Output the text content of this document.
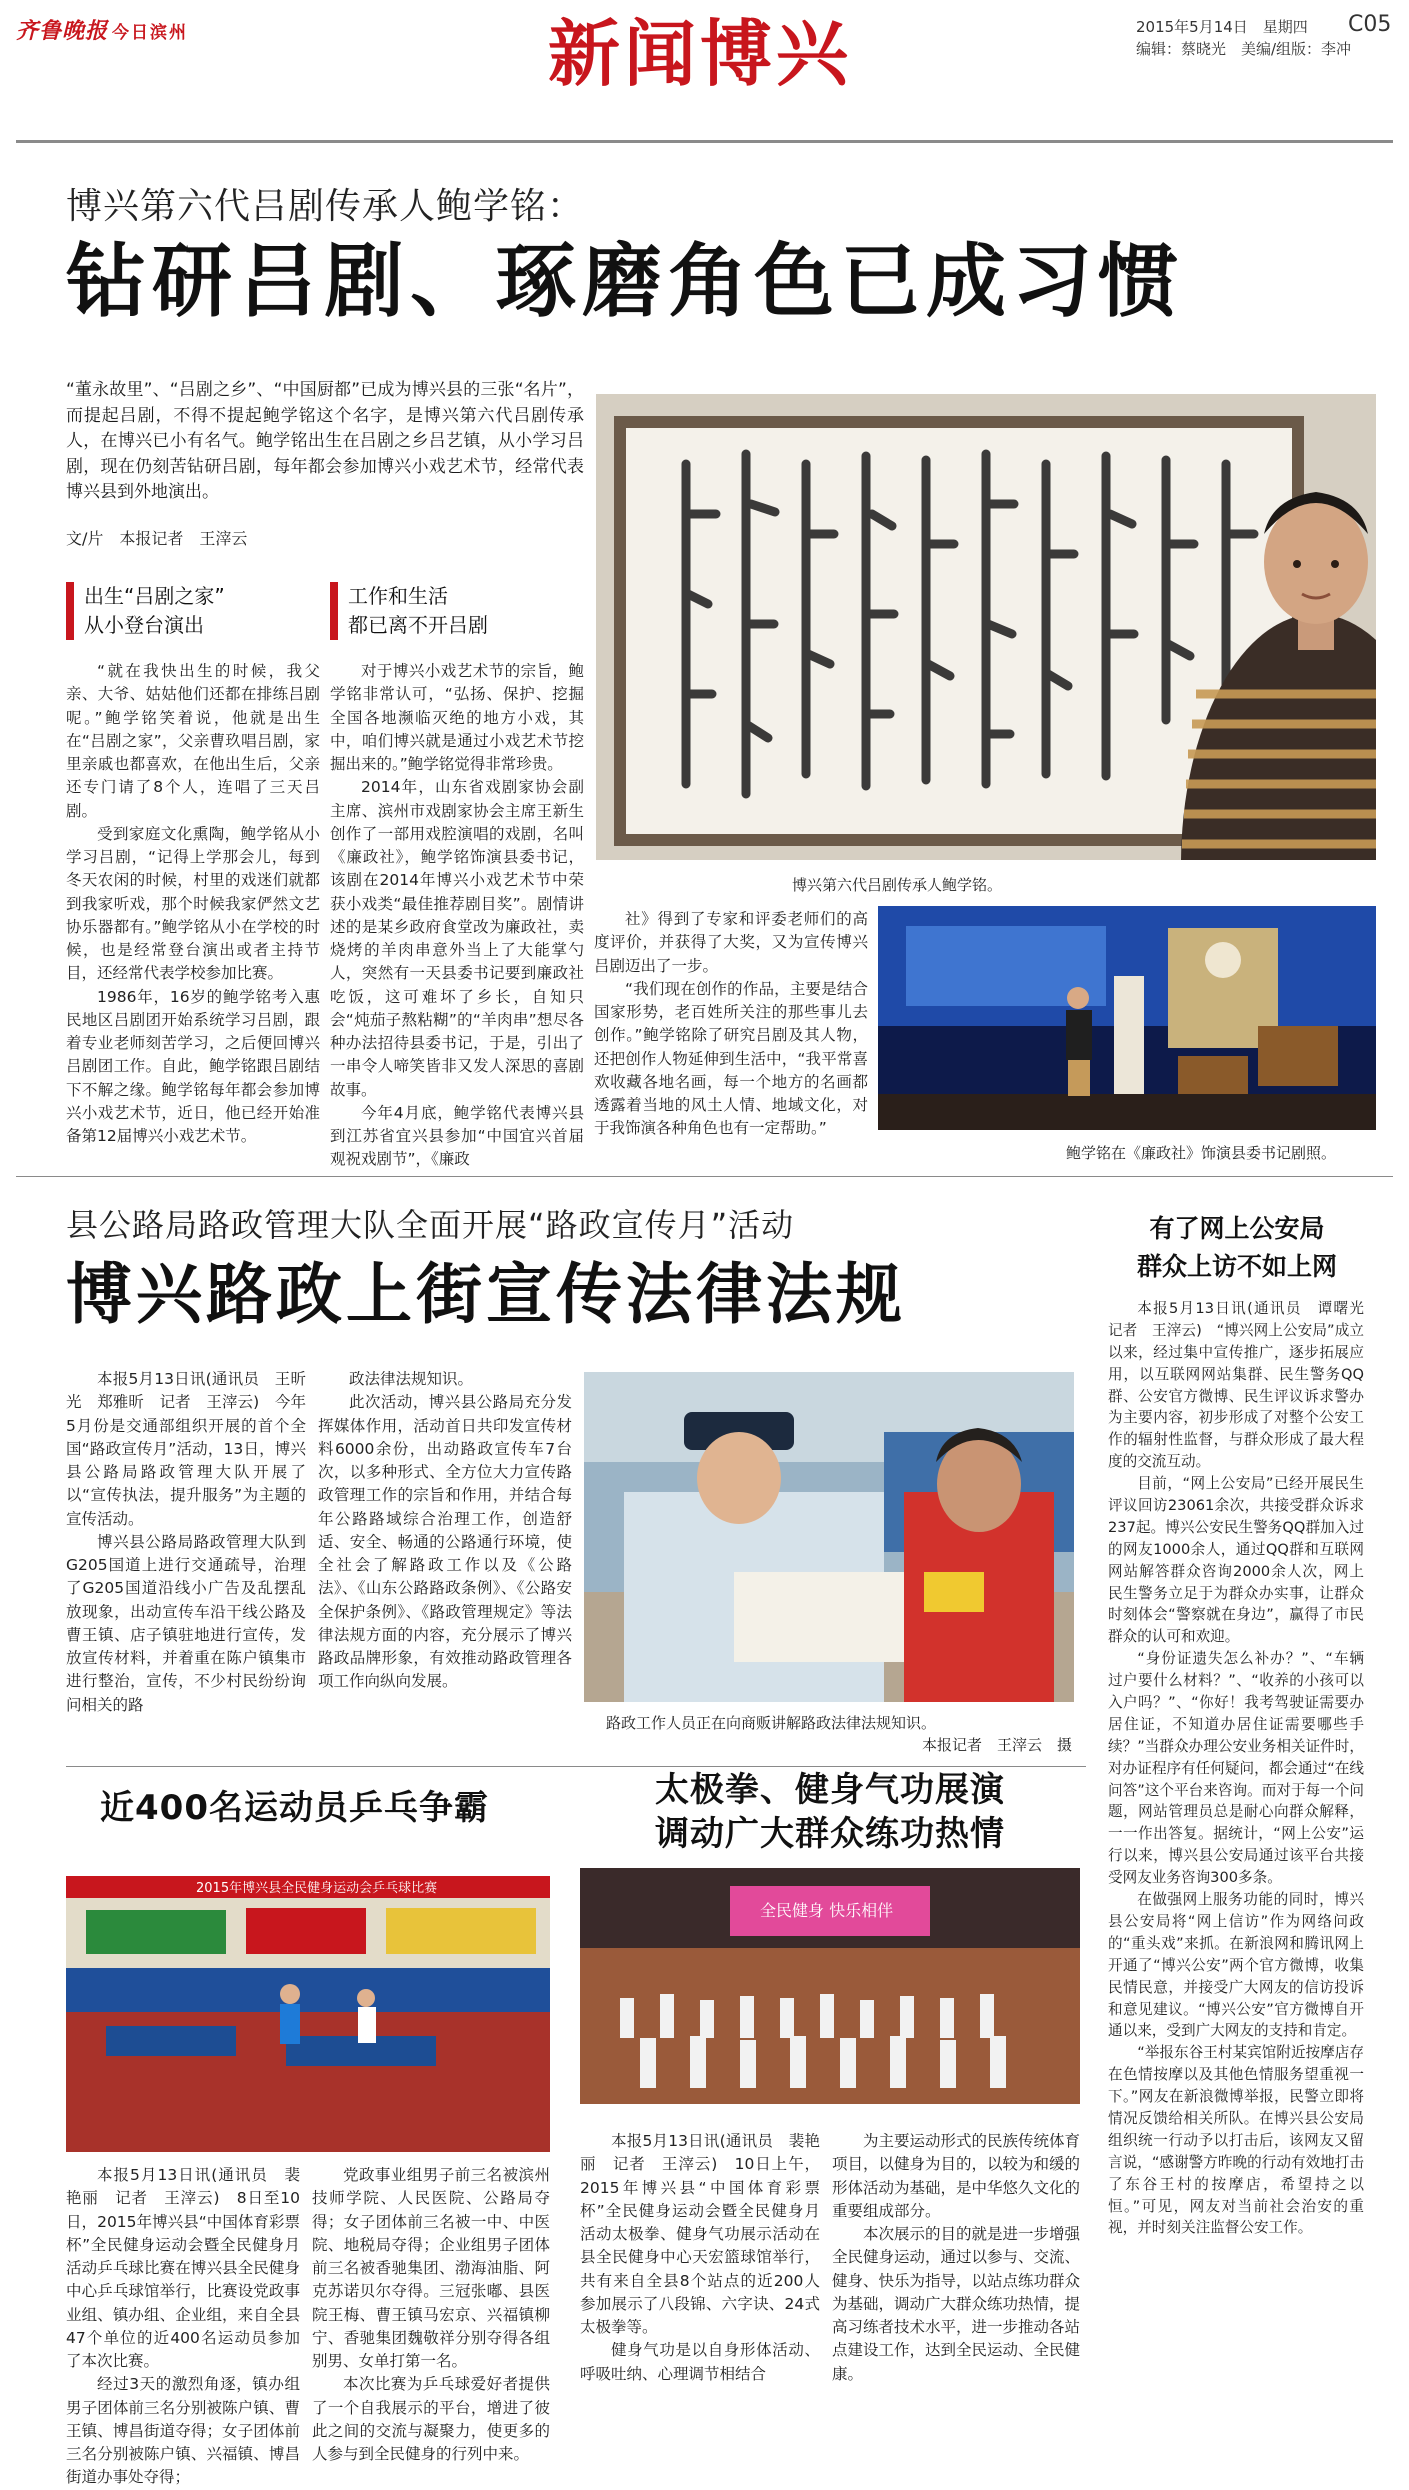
齐鲁晚报 今日滨州	新闻博兴	2015年5月14日　星期四 C05
编辑：蔡晓光　美编/组版：李冲
博兴第六代吕剧传承人鲍学铭：
钻研吕剧、琢磨角色已成习惯
“董永故里”、“吕剧之乡”、“中国厨都”已成为博兴县的三张“名片”，而提起吕剧，不得不提起鲍学铭这个名字，是博兴第六代吕剧传承人，在博兴已小有名气。鲍学铭出生在吕剧之乡吕艺镇，从小学习吕剧，现在仍刻苦钻研吕剧，每年都会参加博兴小戏艺术节，经常代表博兴县到外地演出。
文/片　本报记者　王滓云
出生“吕剧之家”
从小登台演出
工作和生活
都已离不开吕剧

“就在我快出生的时候，我父亲、大爷、姑姑他们还都在排练吕剧呢。”鲍学铭笑着说，他就是出生在“吕剧之家”，父亲曹玖唱吕剧，家里亲戚也都喜欢，在他出生后，父亲还专门请了8个人，连唱了三天吕剧。

受到家庭文化熏陶，鲍学铭从小学习吕剧，“记得上学那会儿，每到冬天农闲的时候，村里的戏迷们就都到我家听戏，那个时候我家俨然文艺协乐器都有。”鲍学铭从小在学校的时候，也是经常登台演出或者主持节目，还经常代表学校参加比赛。

1986年，16岁的鲍学铭考入惠民地区吕剧团开始系统学习吕剧，跟着专业老师刻苦学习，之后便回博兴吕剧团工作。自此，鲍学铭跟吕剧结下不解之缘。鲍学铭每年都会参加博兴小戏艺术节，近日，他已经开始准备第12届博兴小戏艺术节。

对于博兴小戏艺术节的宗旨，鲍学铭非常认可，“弘扬、保护、挖掘全国各地濒临灭绝的地方小戏，其中，咱们博兴就是通过小戏艺术节挖掘出来的。”鲍学铭觉得非常珍贵。

2014年，山东省戏剧家协会副主席、滨州市戏剧家协会主席王新生创作了一部用戏腔演唱的戏剧，名叫《廉政社》，鲍学铭饰演县委书记，该剧在2014年博兴小戏艺术节中荣获小戏类“最佳推荐剧目奖”。剧情讲述的是某乡政府食堂改为廉政社，卖烧烤的羊肉串意外当上了大能掌勺人，突然有一天县委书记要到廉政社吃饭，这可难坏了乡长，自知只会“炖茄子熬粘糊”的“羊肉串”想尽各种办法招待县委书记，于是，引出了一串令人啼笑皆非又发人深思的喜剧故事。

今年4月底，鲍学铭代表博兴县到江苏省宜兴县参加“中国宜兴首届观祝戏剧节”，《廉政

社》得到了专家和评委老师们的高度评价，并获得了大奖，又为宣传博兴吕剧迈出了一步。

“我们现在创作的作品，主要是结合国家形势，老百姓所关注的那些事儿去创作。”鲍学铭除了研究吕剧及其人物，还把创作人物延伸到生活中，“我平常喜欢收藏各地名画，每一个地方的名画都透露着当地的风土人情、地域文化，对于我饰演各种角色也有一定帮助。”

博兴第六代吕剧传承人鲍学铭。
鲍学铭在《廉政社》饰演县委书记剧照。
县公路局路政管理大队全面开展“路政宣传月”活动
博兴路政上街宣传法律法规

本报5月13日讯(通讯员　王昕光　郑雅昕　记者　王滓云)　今年5月份是交通部组织开展的首个全国“路政宣传月”活动，13日，博兴县公路局路政管理大队开展了以“宣传执法，提升服务”为主题的宣传活动。

博兴县公路局路政管理大队到G205国道上进行交通疏导，治理了G205国道沿线小广告及乱摆乱放现象，出动宣传车沿干线公路及曹王镇、店子镇驻地进行宣传，发放宣传材料，并着重在陈户镇集市进行整治，宣传，不少村民纷纷询问相关的路

政法律法规知识。

此次活动，博兴县公路局充分发挥媒体作用，活动首日共印发宣传材料6000余份，出动路政宣传车7台次，以多种形式、全方位大力宣传路政管理工作的宗旨和作用，并结合每年公路路域综合治理工作，创造舒适、安全、畅通的公路通行环境，使全社会了解路政工作以及《公路法》、《山东公路路政条例》、《公路安全保护条例》、《路政管理规定》等法律法规方面的内容，充分展示了博兴路政品牌形象，有效推动路政管理各项工作向纵向发展。

路政工作人员正在向商贩讲解路政法律法规知识。
本报记者　王滓云　摄
有了网上公安局
群众上访不如上网

本报5月13日讯(通讯员　谭曙光　记者　王滓云)　“博兴网上公安局”成立以来，经过集中宣传推广，逐步拓展应用，以互联网网站集群、民生警务QQ群、公安官方微博、民生评议诉求警办为主要内容，初步形成了对整个公安工作的辐射性监督，与群众形成了最大程度的交流互动。

目前，“网上公安局”已经开展民生评议回访23061余次，共接受群众诉求237起。博兴公安民生警务QQ群加入过的网友1000余人，通过QQ群和互联网网站解答群众咨询2000余人次，网上民生警务立足于为群众办实事，让群众时刻体会“警察就在身边”，赢得了市民群众的认可和欢迎。

“身份证遗失怎么补办？”、“车辆过户要什么材料？”、“收养的小孩可以入户吗？”、“你好！我考驾驶证需要办居住证，不知道办居住证需要哪些手续？”当群众办理公安业务相关证件时，对办证程序有任何疑问，都会通过“在线问答”这个平台来咨询。而对于每一个问题，网站管理员总是耐心向群众解释，一一作出答复。据统计，“网上公安”运行以来，博兴县公安局通过该平台共接受网友业务咨询300多条。

在做强网上服务功能的同时，博兴县公安局将“网上信访”作为网络问政的“重头戏”来抓。在新浪网和腾讯网上开通了“博兴公安”两个官方微博，收集民情民意，并接受广大网友的信访投诉和意见建议。“博兴公安”官方微博自开通以来，受到广大网友的支持和肯定。

“举报东谷王村某宾馆附近按摩店存在色情按摩以及其他色情服务望重视一下。”网友在新浪微博举报，民警立即将情况反馈给相关所队。在博兴县公安局组织统一行动予以打击后，该网友又留言说，“感谢警方昨晚的行动有效地打击了东谷王村的按摩店，希望持之以恒。”可见，网友对当前社会治安的重视，并时刻关注监督公安工作。

近400名运动员乒乓争霸
2015年博兴县全民健身运动会乒乓球比赛

本报5月13日讯(通讯员　裴艳丽　记者　王滓云)　8日至10日，2015年博兴县“中国体育彩票杯”全民健身运动会暨全民健身月活动乒乓球比赛在博兴县全民健身中心乒乓球馆举行，比赛设党政事业组、镇办组、企业组，来自全县47个单位的近400名运动员参加了本次比赛。

经过3天的激烈角逐，镇办组男子团体前三名分别被陈户镇、曹王镇、博昌街道夺得；女子团体前三名分别被陈户镇、兴福镇、博昌街道办事处夺得；

党政事业组男子前三名被滨州技师学院、人民医院、公路局夺得；女子团体前三名被一中、中医院、地税局夺得；企业组男子团体前三名被香驰集团、渤海油脂、阿克苏诺贝尔夺得。三冠张嘟、县医院王梅、曹王镇马宏京、兴福镇柳宁、香驰集团魏敬祥分别夺得各组别男、女单打第一名。

本次比赛为乒乓球爱好者提供了一个自我展示的平台，增进了彼此之间的交流与凝聚力，使更多的人参与到全民健身的行列中来。

太极拳、健身气功展演
调动广大群众练功热情
全民健身 快乐相伴

本报5月13日讯(通讯员　裴艳丽　记者　王滓云)　10日上午，2015年博兴县“中国体育彩票杯”全民健身运动会暨全民健身月活动太极拳、健身气功展示活动在县全民健身中心天宏篮球馆举行，共有来自全县8个站点的近200人参加展示了八段锦、六字诀、24式太极拳等。

健身气功是以自身形体活动、呼吸吐纳、心理调节相结合

为主要运动形式的民族传统体育项目，以健身为目的，以较为和缓的形体活动为基础，是中华悠久文化的重要组成部分。

本次展示的目的就是进一步增强全民健身运动，通过以参与、交流、健身、快乐为指导，以站点练功群众为基础，调动广大群众练功热情，提高习练者技术水平，进一步推动各站点建设工作，达到全民运动、全民健康。
